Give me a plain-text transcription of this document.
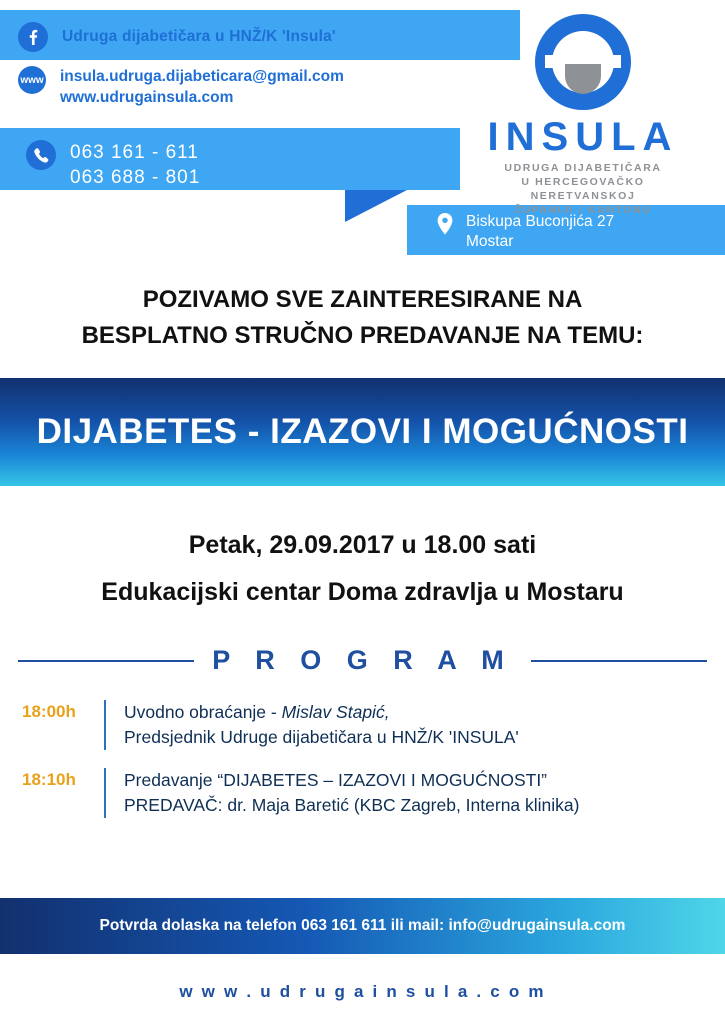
Udruga dijabetičara u HNŽ/K 'Insula'
www insula.udruga.dijabeticara@gmail.com
www.udrugainsula.com
063 161 - 611
063 688 - 801
Biskupa Buconjića 27
Mostar
INSULA
UDRUGA DIJABETIČARA
U HERCEGOVAČKO NERETVANSKOJ
ŽUPANIJI / KANTONU
POZIVAMO SVE ZAINTERESIRANE NA
BESPLATNO STRUČNO PREDAVANJE NA TEMU:
DIJABETES - IZAZOVI I MOGUĆNOSTI
Petak, 29.09.2017 u 18.00 sati
Edukacijski centar Doma zdravlja u Mostaru
P R O G R A M
18:00h	Uvodno obraćanje - Mislav Stapić,
Predsjednik Udruge dijabetičara u HNŽ/K 'INSULA'
18:10h	Predavanje “DIJABETES – IZAZOVI I MOGUĆNOSTI”
PREDAVAČ: dr. Maja Baretić (KBC Zagreb, Interna klinika)
Potvrda dolaska na telefon 063 161 611 ili mail: info@udrugainsula.com
w w w . u d r u g a i n s u l a . c o m
